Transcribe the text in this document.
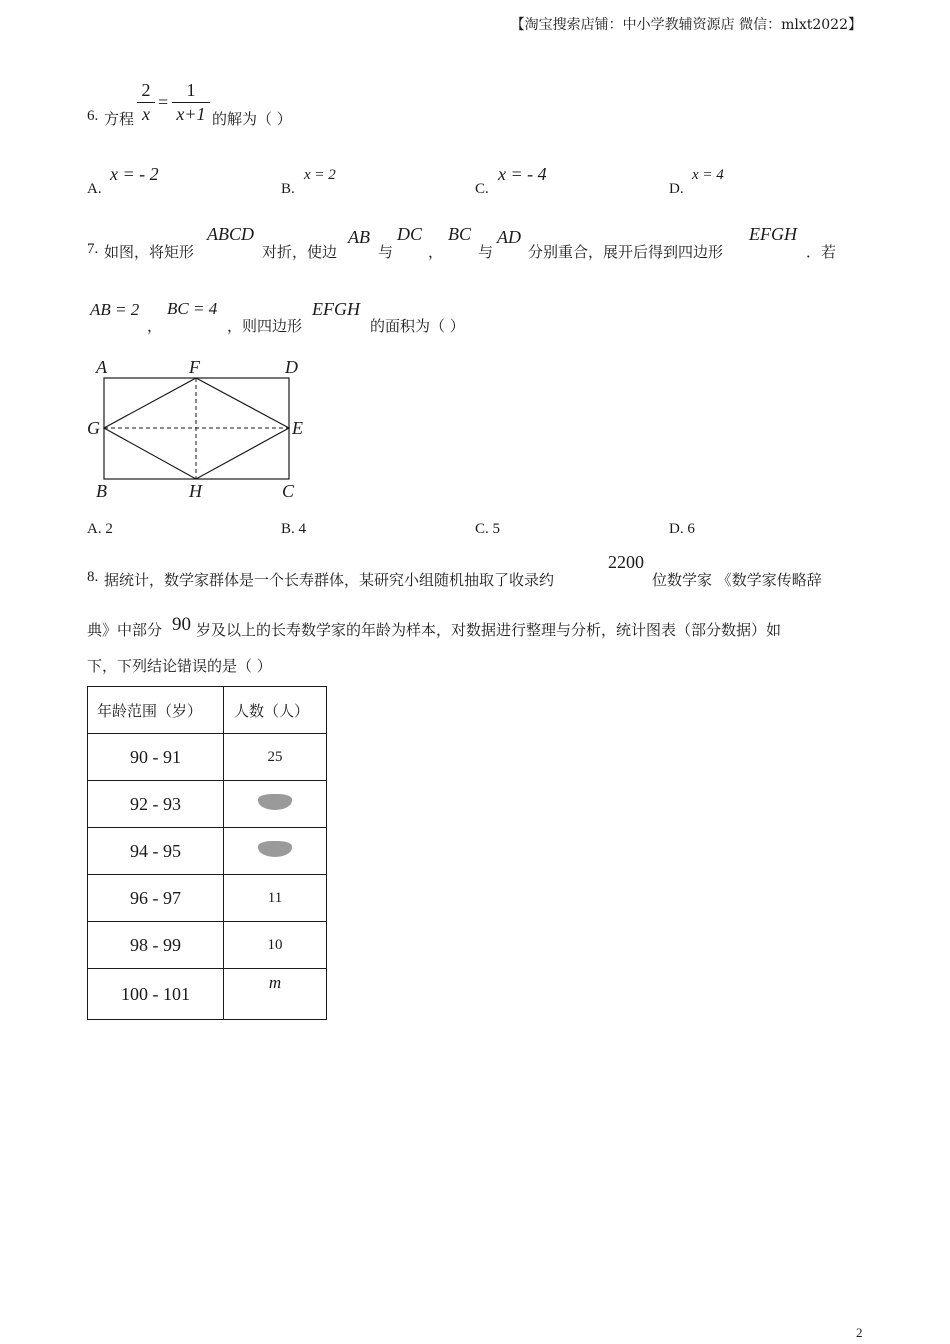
【淘宝搜索店铺：中小学教辅资源店 微信：mlxt2022】
6. 方程
2
x
=
1
x+1 的解为（ ）
A.
x = - 2
B.
x = 2
C.
x = - 4
D.
x = 4
7. 如图，将矩形
ABCD
对折，使边
AB
与
DC
，
BC
与
AD
分别重合，展开后得到四边形
EFGH
．若
AB = 2
，
BC = 4
，则四边形
EFGH
的面积为（ ）
A	F	D
G	E
B	H	C
A. 2	B. 4	C. 5	D. 6
8. 据统计，数学家群体是一个长寿群体，某研究小组随机抽取了收录约
2200
位数学家 《数学家传略辞
典》中部分 90 岁及以上的长寿数学家的年龄为样本，对数据进行整理与分析，统计图表（部分数据）如
下，下列结论错误的是（ ）
年龄范围（岁）	人数（人）
90 - 91	25
92 - 93	
94 - 95	
96 - 97	11
98 - 99	10
100 - 101	m
2
